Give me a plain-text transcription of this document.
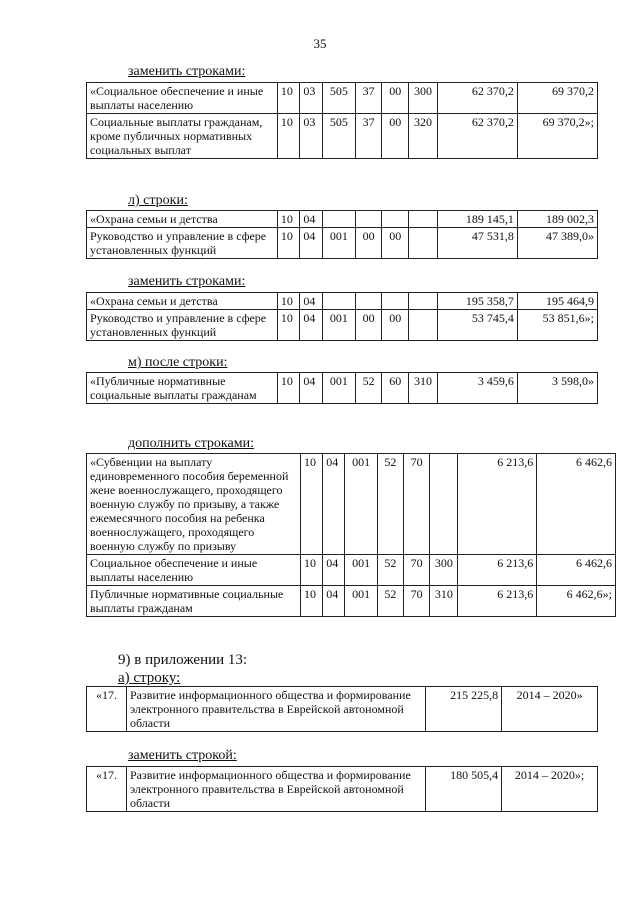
35
заменить строками:
«Социальное обеспечение и иные выплаты населению	10	03	505	37	00	300	62 370,2	69 370,2
Социальные выплаты гражданам, кроме публичных нормативных социальных выплат	10	03	505	37	00	320	62 370,2	69 370,2»;
л) строки:
«Охрана семьи и детства	10	04					189 145,1	189 002,3
Руководство и управление в сфере установленных функций	10	04	001	00	00		47 531,8	47 389,0»
заменить строками:
«Охрана семьи и детства	10	04					195 358,7	195 464,9
Руководство и управление в сфере установленных функций	10	04	001	00	00		53 745,4	53 851,6»;
м) после строки:
«Публичные нормативные социальные выплаты гражданам	10	04	001	52	60	310	3 459,6	3 598,0»
дополнить строками:
«Субвенции на выплату единовременного пособия беременной жене военнослужащего, проходящего военную службу по призыву, а также ежемесячного пособия на ребенка военнослужащего, проходящего военную службу по призыву	10	04	001	52	70		6 213,6	6 462,6
Социальное обеспечение и иные выплаты населению	10	04	001	52	70	300	6 213,6	6 462,6
Публичные нормативные социальные выплаты гражданам	10	04	001	52	70	310	6 213,6	6 462,6»;
9) в приложении 13:
а) строку:
«17.	Развитие информационного общества и формирование электронного правительства в Еврейской автономной области	215 225,8	2014 – 2020»
заменить строкой:
«17.	Развитие информационного общества и формирование электронного правительства в Еврейской автономной области	180 505,4	2014 – 2020»;
